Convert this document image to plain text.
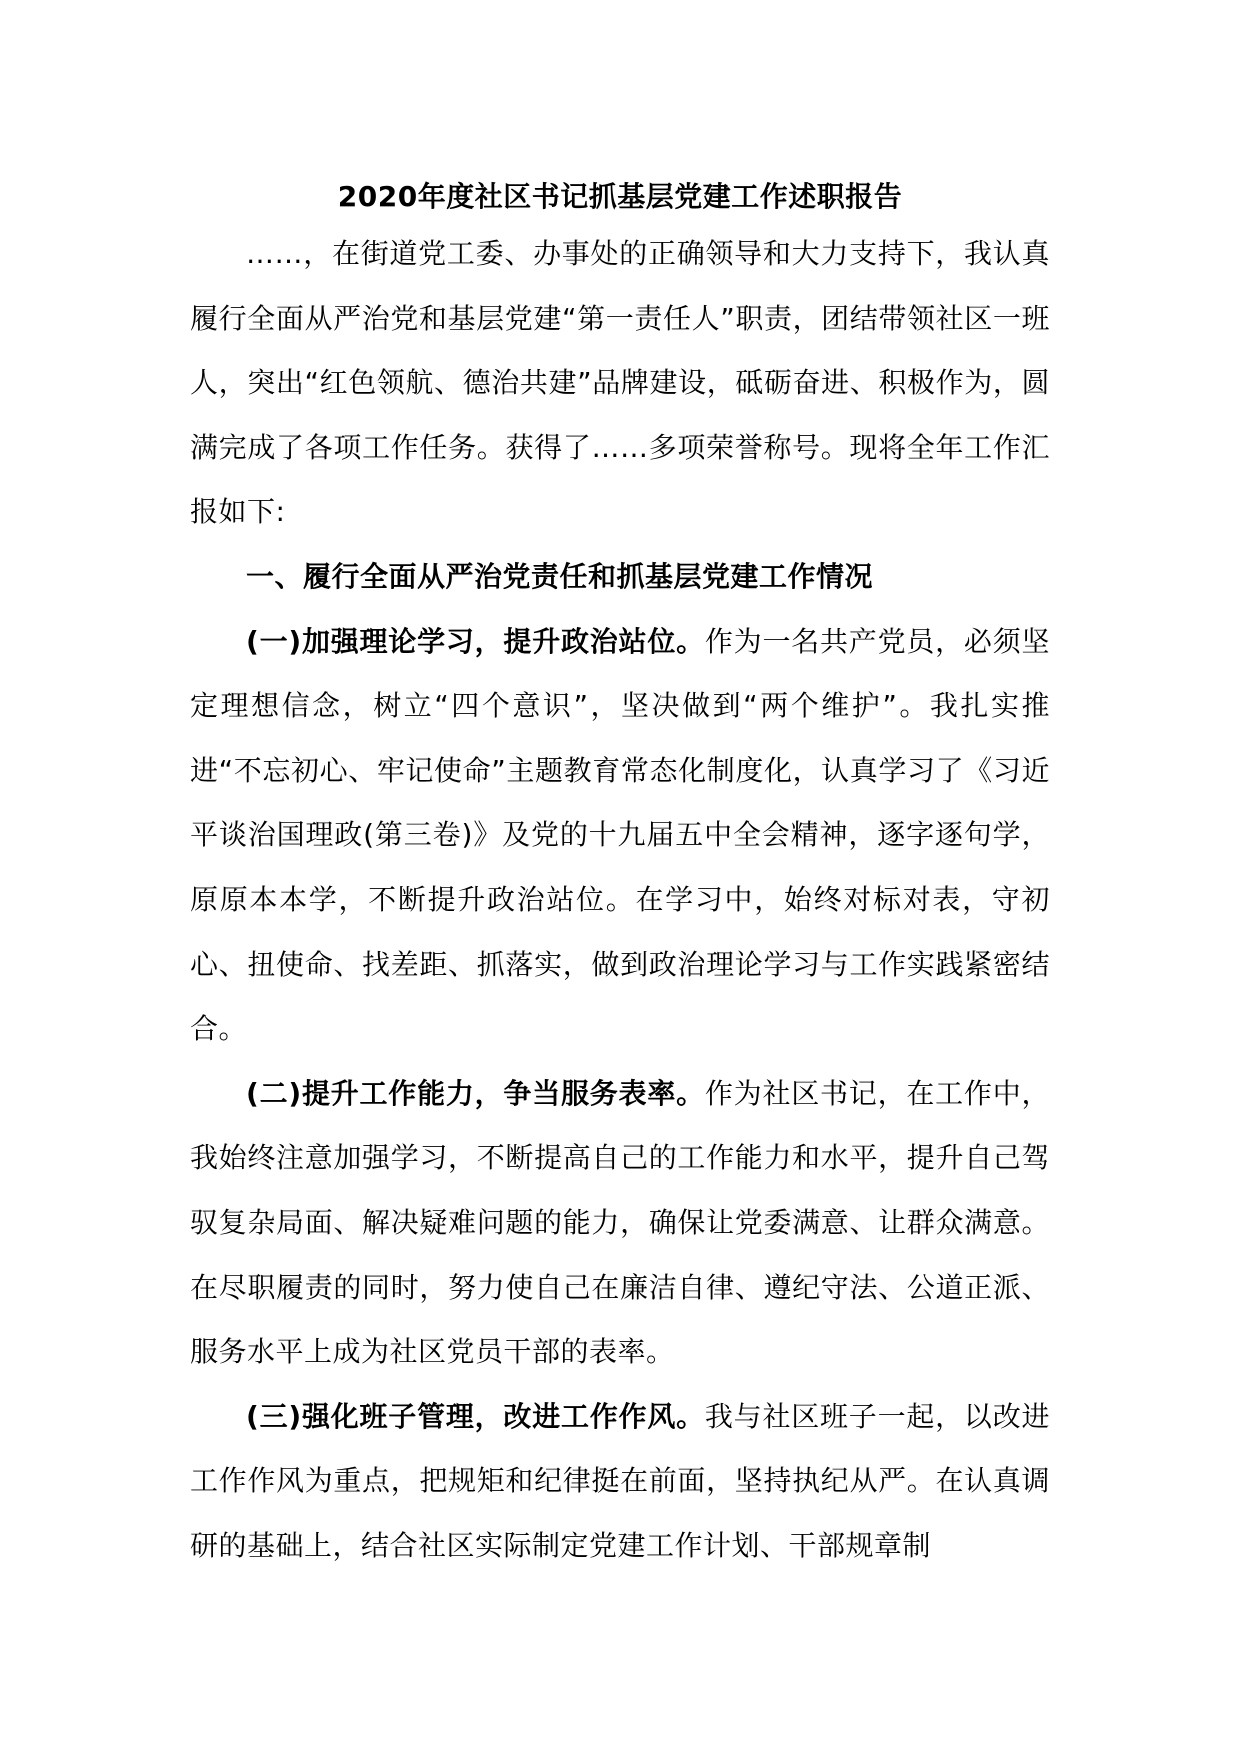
2020年度社区书记抓基层党建工作述职报告

……，在街道党工委、办事处的正确领导和大力支持下，我认真履行全面从严治党和基层党建“第一责任人”职责，团结带领社区一班人，突出“红色领航、德治共建”品牌建设，砥砺奋进、积极作为，圆满完成了各项工作任务。获得了……多项荣誉称号。现将全年工作汇报如下:

一、履行全面从严治党责任和抓基层党建工作情况

(一)加强理论学习，提升政治站位。作为一名共产党员，必须坚定理想信念，树立“四个意识”，坚决做到“两个维护”。我扎实推进“不忘初心、牢记使命”主题教育常态化制度化，认真学习了《习近平谈治国理政(第三卷)》及党的十九届五中全会精神，逐字逐句学，原原本本学，不断提升政治站位。在学习中，始终对标对表，守初心、扭使命、找差距、抓落实，做到政治理论学习与工作实践紧密结合。

(二)提升工作能力，争当服务表率。作为社区书记，在工作中，我始终注意加强学习，不断提高自己的工作能力和水平，提升自己驾驭复杂局面、解决疑难问题的能力，确保让党委满意、让群众满意。在尽职履责的同时，努力使自己在廉洁自律、遵纪守法、公道正派、服务水平上成为社区党员干部的表率。

(三)强化班子管理，改进工作作风。我与社区班子一起，以改进工作作风为重点，把规矩和纪律挺在前面，坚持执纪从严。在认真调研的基础上，结合社区实际制定党建工作计划、干部规章制
